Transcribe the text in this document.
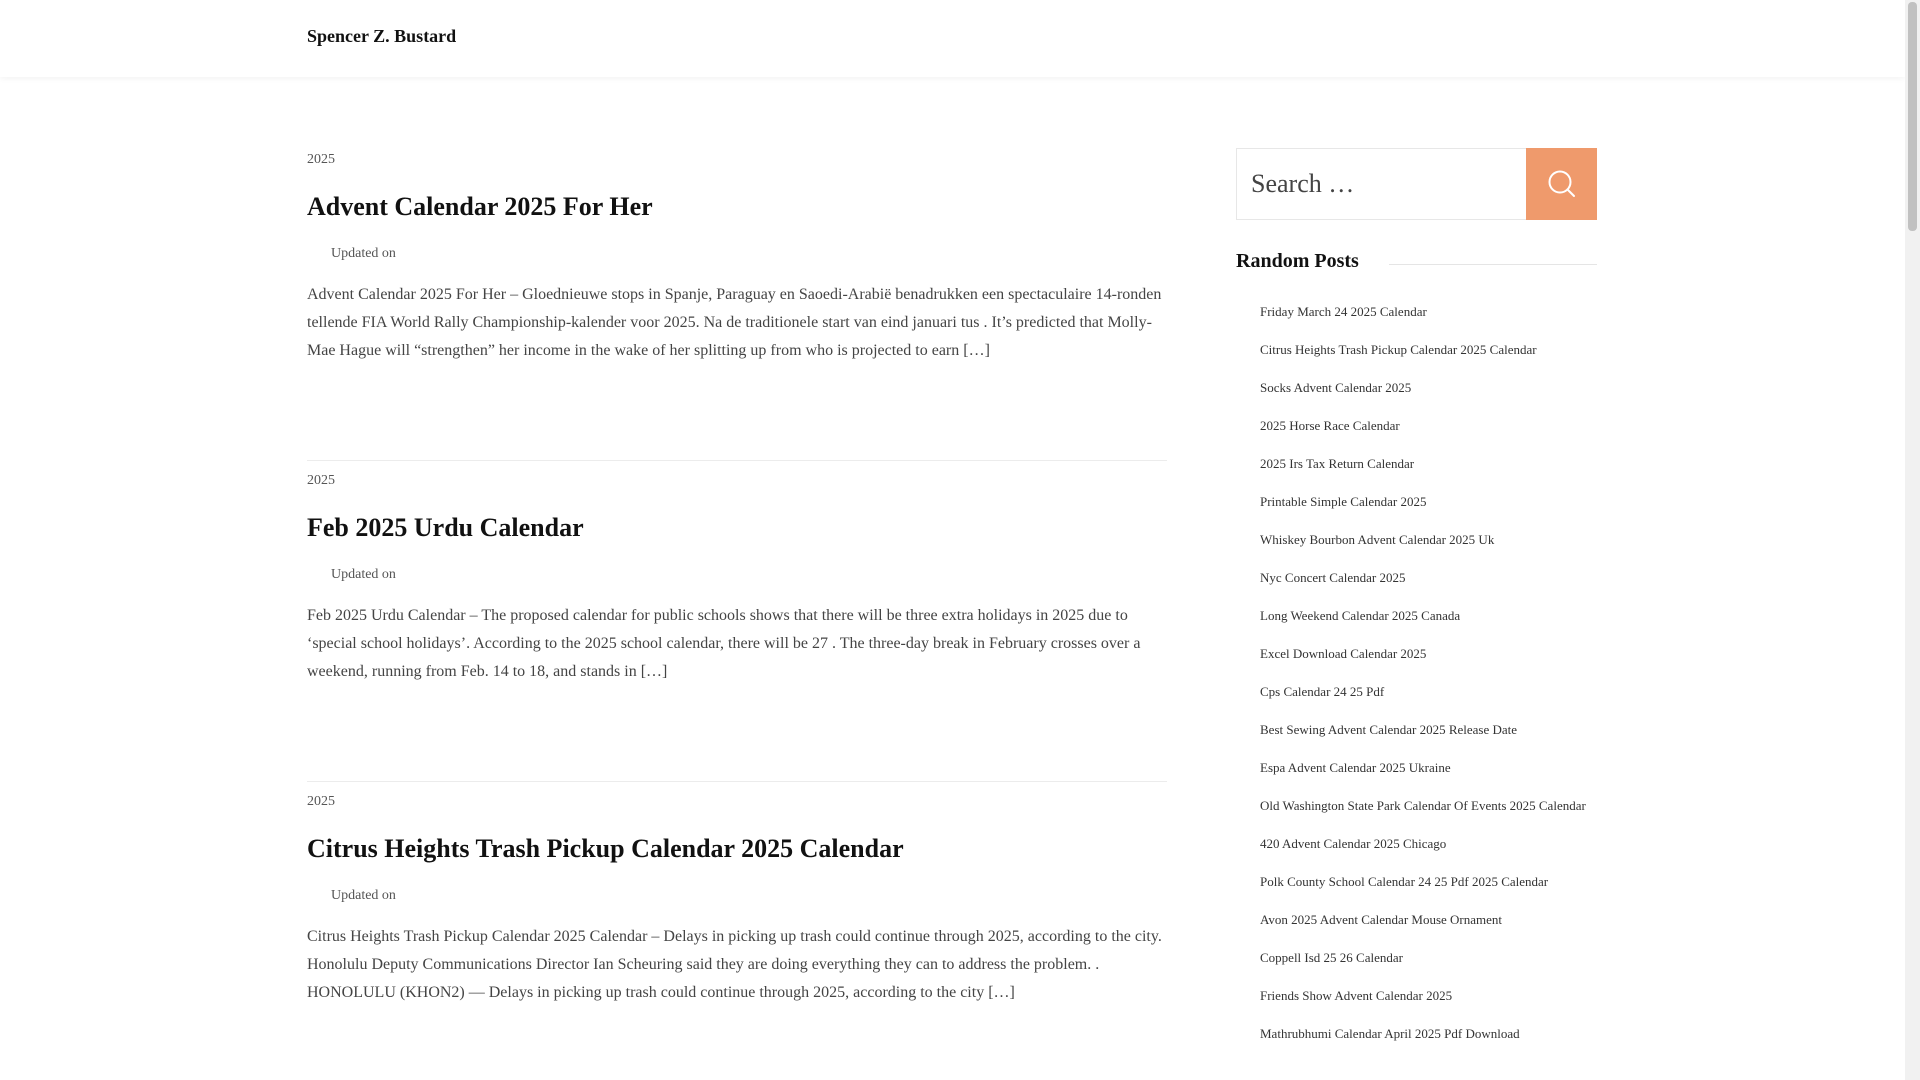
Spencer Z. Bustard
2025
Advent Calendar 2025 For Her
Updated on

Advent Calendar 2025 For Her – Gloednieuwe stops in Spanje, Paraguay en Saoedi-Arabië benadrukken een spectaculaire 14-ronden tellende FIA World Rally Championship-kalender voor 2025. Na de traditionele start van eind januari tus . It’s predicted that Molly-Mae Hague will “strengthen” her income in the wake of her splitting up from who is projected to earn […]

2025
Feb 2025 Urdu Calendar
Updated on

Feb 2025 Urdu Calendar – The proposed calendar for public schools shows that there will be three extra holidays in 2025 due to ‘special school holidays’. According to the 2025 school calendar, there will be 27 . The three-day break in February crosses over a weekend, running from Feb. 14 to 18, and stands in […]

2025
Citrus Heights Trash Pickup Calendar 2025 Calendar
Updated on

Citrus Heights Trash Pickup Calendar 2025 Calendar – Delays in picking up trash could continue through 2025, according to the city. Honolulu Deputy Communications Director Ian Scheuring said they are doing everything they can to address the problem. . HONOLULU (KHON2) — Delays in picking up trash could continue through 2025, according to the city […]

Search …
Random Posts
Friday March 24 2025 Calendar
Citrus Heights Trash Pickup Calendar 2025 Calendar
Socks Advent Calendar 2025
2025 Horse Race Calendar
2025 Irs Tax Return Calendar
Printable Simple Calendar 2025
Whiskey Bourbon Advent Calendar 2025 Uk
Nyc Concert Calendar 2025
Long Weekend Calendar 2025 Canada
Excel Download Calendar 2025
Cps Calendar 24 25 Pdf
Best Sewing Advent Calendar 2025 Release Date
Espa Advent Calendar 2025 Ukraine
Old Washington State Park Calendar Of Events 2025 Calendar
420 Advent Calendar 2025 Chicago
Polk County School Calendar 24 25 Pdf 2025 Calendar
Avon 2025 Advent Calendar Mouse Ornament
Coppell Isd 25 26 Calendar
Friends Show Advent Calendar 2025
Mathrubhumi Calendar April 2025 Pdf Download
